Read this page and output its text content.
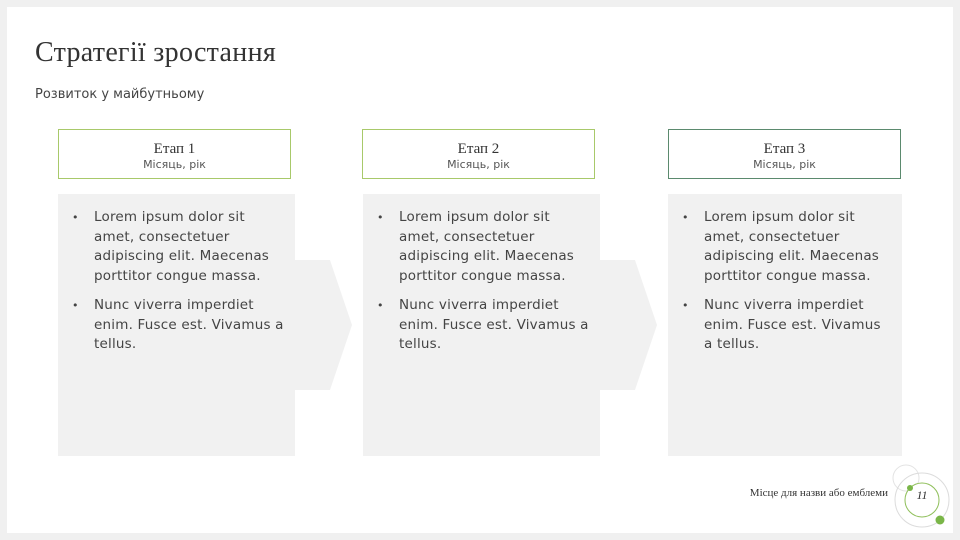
Стратегії зростання
Розвиток у майбутньому
Етап 1
Місяць, рік
• Lorem ipsum dolor sit amet, consectetuer adipiscing elit. Maecenas porttitor congue massa.
• Nunc viverra imperdiet enim. Fusce est. Vivamus a tellus.
Етап 2
Місяць, рік
• Lorem ipsum dolor sit amet, consectetuer adipiscing elit. Maecenas porttitor congue massa.
• Nunc viverra imperdiet enim. Fusce est. Vivamus a tellus.
Етап 3
Місяць, рік
• Lorem ipsum dolor sit amet, consectetuer adipiscing elit. Maecenas porttitor congue massa.
• Nunc viverra imperdiet enim. Fusce est. Vivamus a tellus.
Місце для назви або емблеми	11
